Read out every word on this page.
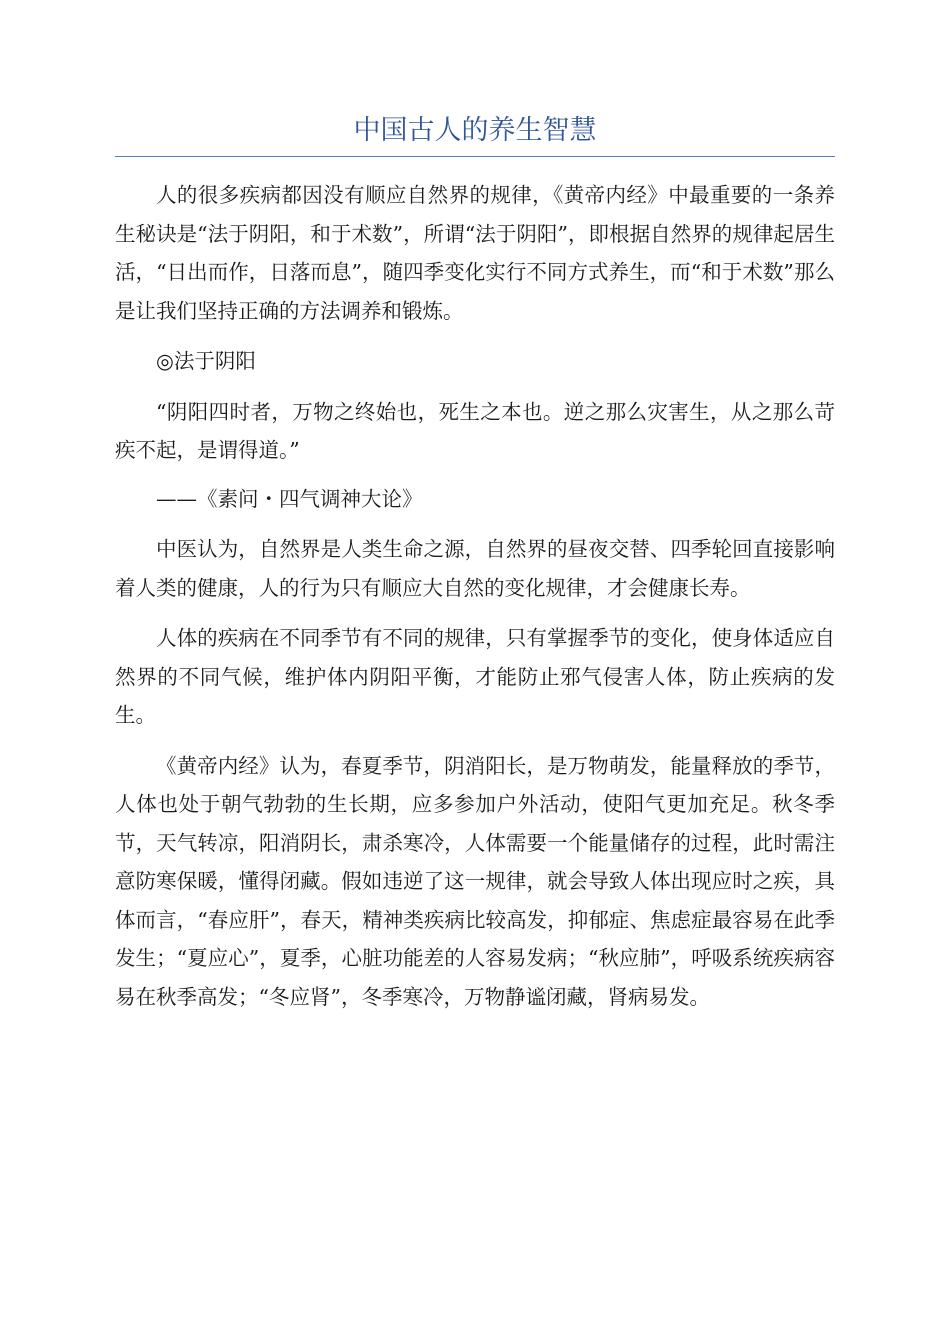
中国古人的养生智慧

人的很多疾病都因没有顺应自然界的规律，《黄帝内经》中最重要的一条养生秘诀是“法于阴阳，和于术数”，所谓“法于阴阳”，即根据自然界的规律起居生活，“日出而作，日落而息”，随四季变化实行不同方式养生，而“和于术数”那么是让我们坚持正确的方法调养和锻炼。

◎法于阴阳

“阴阳四时者，万物之终始也，死生之本也。逆之那么灾害生，从之那么苛疾不起，是谓得道。”

——《素问・四气调神大论》

中医认为，自然界是人类生命之源，自然界的昼夜交替、四季轮回直接影响着人类的健康，人的行为只有顺应大自然的变化规律，才会健康长寿。

人体的疾病在不同季节有不同的规律，只有掌握季节的变化，使身体适应自然界的不同气候，维护体内阴阳平衡，才能防止邪气侵害人体，防止疾病的发生。

《黄帝内经》认为，春夏季节，阴消阳长，是万物萌发，能量释放的季节，人体也处于朝气勃勃的生长期，应多参加户外活动，使阳气更加充足。秋冬季节，天气转凉，阳消阴长，肃杀寒冷，人体需要一个能量储存的过程，此时需注意防寒保暖，懂得闭藏。假如违逆了这一规律，就会导致人体出现应时之疾，具体而言，“春应肝”，春天，精神类疾病比较高发，抑郁症、焦虑症最容易在此季发生；“夏应心”，夏季，心脏功能差的人容易发病；“秋应肺”，呼吸系统疾病容易在秋季高发；“冬应肾”，冬季寒冷，万物静谧闭藏，肾病易发。
